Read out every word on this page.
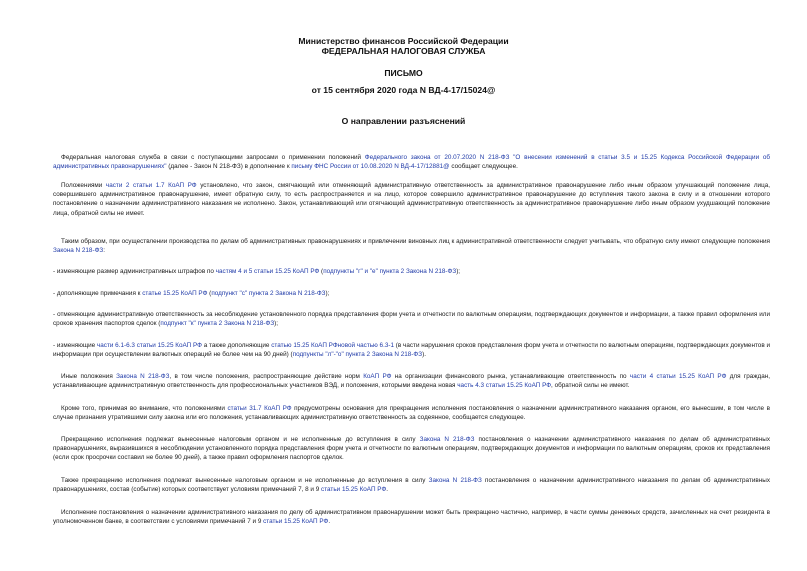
Министерство финансов Российской Федерации
ФЕДЕРАЛЬНАЯ НАЛОГОВАЯ СЛУЖБА
ПИСЬМО
от 15 сентября 2020 года N ВД-4-17/15024@
О направлении разъяснений

Федеральная налоговая служба в связи с поступающими запросами о применении положений Федерального закона от 20.07.2020 N 218-ФЗ "О внесении изменений в статьи 3.5 и 15.25 Кодекса Российской Федерации об административных правонарушениях" (далее - Закон N 218-ФЗ) в дополнение к письму ФНС России от 10.08.2020 N ВД-4-17/12881@ сообщает следующее.

Положениями части 2 статьи 1.7 КоАП РФ установлено, что закон, смягчающий или отменяющий административную ответственность за административное правонарушение либо иным образом улучшающий положение лица, совершившего административное правонарушение, имеет обратную силу, то есть распространяется и на лицо, которое совершило административное правонарушение до вступления такого закона в силу и в отношении которого постановление о назначении административного наказания не исполнено. Закон, устанавливающий или отягчающий административную ответственность за административное правонарушение либо иным образом ухудшающий положение лица, обратной силы не имеет.

Таким образом, при осуществлении производства по делам об административных правонарушениях и привлечении виновных лиц к административной ответственности следует учитывать, что обратную силу имеют следующие положения Закона N 218-ФЗ:

- изменяющие размер административных штрафов по частям 4 и 5 статьи 15.25 КоАП РФ (подпункты "г" и "е" пункта 2 Закона N 218-ФЗ);

- дополняющие примечания к статье 15.25 КоАП РФ (подпункт "с" пункта 2 Закона N 218-ФЗ);

- отменяющие административную ответственность за несоблюдение установленного порядка представления форм учета и отчетности по валютным операциям, подтверждающих документов и информации, а также правил оформления или сроков хранения паспортов сделок (подпункт "к" пункта 2 Закона N 218-ФЗ);

- изменяющие части 6.1-6.3 статьи 15.25 КоАП РФ а также дополняющие статью 15.25 КоАП РФновой частью 6.3-1 (в части нарушения сроков представления форм учета и отчетности по валютным операциям, подтверждающих документов и информации при осуществлении валютных операций не более чем на 90 дней) (подпункты "л"-"о" пункта 2 Закона N 218-ФЗ).

Иные положения Закона N 218-ФЗ, в том числе положения, распространяющие действие норм КоАП РФ на организации финансового рынка, устанавливающие ответственность по части 4 статьи 15.25 КоАП РФ для граждан, устанавливающие административную ответственность для профессиональных участников ВЭД, и положения, которыми введена новая часть 4.3 статьи 15.25 КоАП РФ, обратной силы не имеют.

Кроме того, принимая во внимание, что положениями статьи 31.7 КоАП РФ предусмотрены основания для прекращения исполнения постановления о назначении административного наказания органом, его вынесшим, в том числе в случае признания утратившими силу закона или его положения, устанавливающих административную ответственность за содеянное, сообщается следующее.

Прекращению исполнения подлежат вынесенные налоговым органом и не исполненные до вступления в силу Закона N 218-ФЗ постановления о назначении административного наказания по делам об административных правонарушениях, выразившихся в несоблюдении установленного порядка представления форм учета и отчетности по валютным операциям, подтверждающих документов и информации по валютным операциям, сроков их представления (если срок просрочки составил не более 90 дней), а также правил оформления паспортов сделок.

Также прекращению исполнения подлежат вынесенные налоговым органом и не исполненные до вступления в силу Закона N 218-ФЗ постановления о назначении административного наказания по делам об административных правонарушениях, состав (событие) которых соответствует условиям примечаний 7, 8 и 9 статьи 15.25 КоАП РФ.

Исполнение постановления о назначении административного наказания по делу об административном правонарушении может быть прекращено частично, например, в части суммы денежных средств, зачисленных на счет резидента в уполномоченном банке, в соответствии с условиями примечаний 7 и 9 статьи 15.25 КоАП РФ.
